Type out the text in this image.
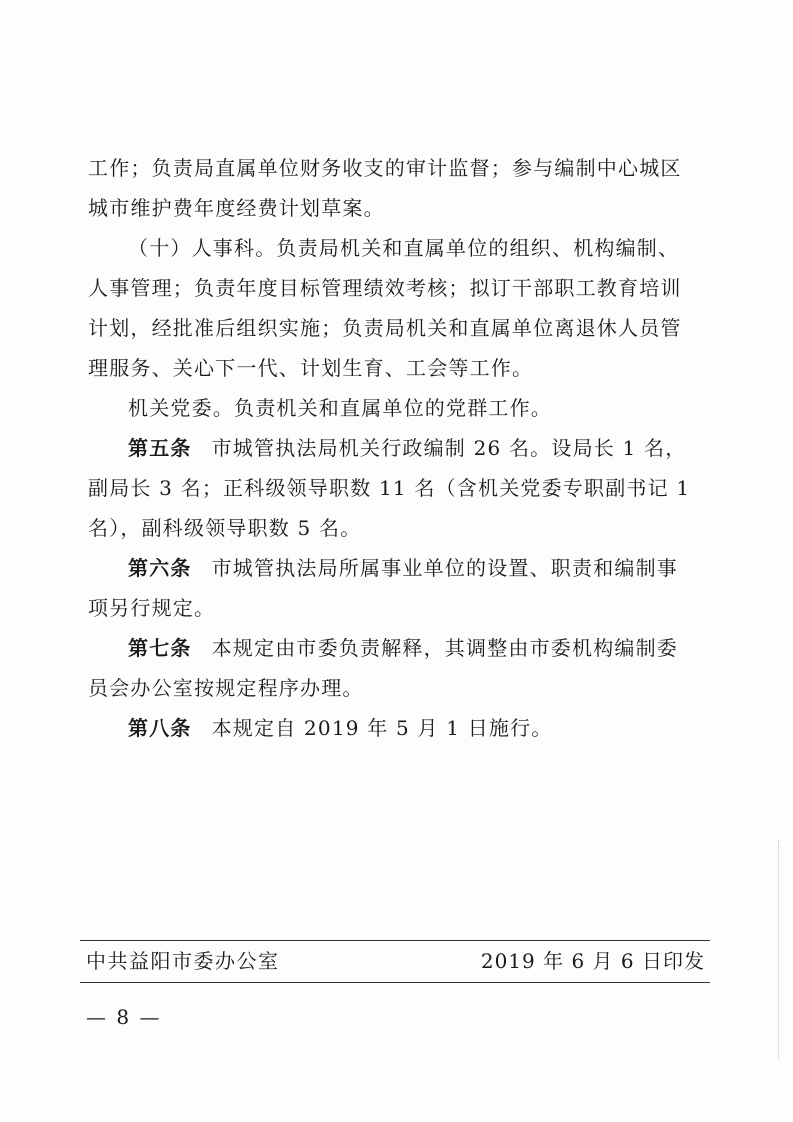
工作；负责局直属单位财务收支的审计监督；参与编制中心城区
城市维护费年度经费计划草案。
（十）人事科。负责局机关和直属单位的组织、机构编制、
人事管理；负责年度目标管理绩效考核；拟订干部职工教育培训
计划，经批准后组织实施；负责局机关和直属单位离退休人员管
理服务、关心下一代、计划生育、工会等工作。
机关党委。负责机关和直属单位的党群工作。
第五条 市城管执法局机关行政编制 26 名。设局长 1 名，
副局长 3 名；正科级领导职数 11 名（含机关党委专职副书记 1
名），副科级领导职数 5 名。
第六条 市城管执法局所属事业单位的设置、职责和编制事
项另行规定。
第七条 本规定由市委负责解释，其调整由市委机构编制委
员会办公室按规定程序办理。
第八条 本规定自 2019 年 5 月 1 日施行。
中共益阳市委办公室	2019 年 6 月 6 日印发
— 8 —
